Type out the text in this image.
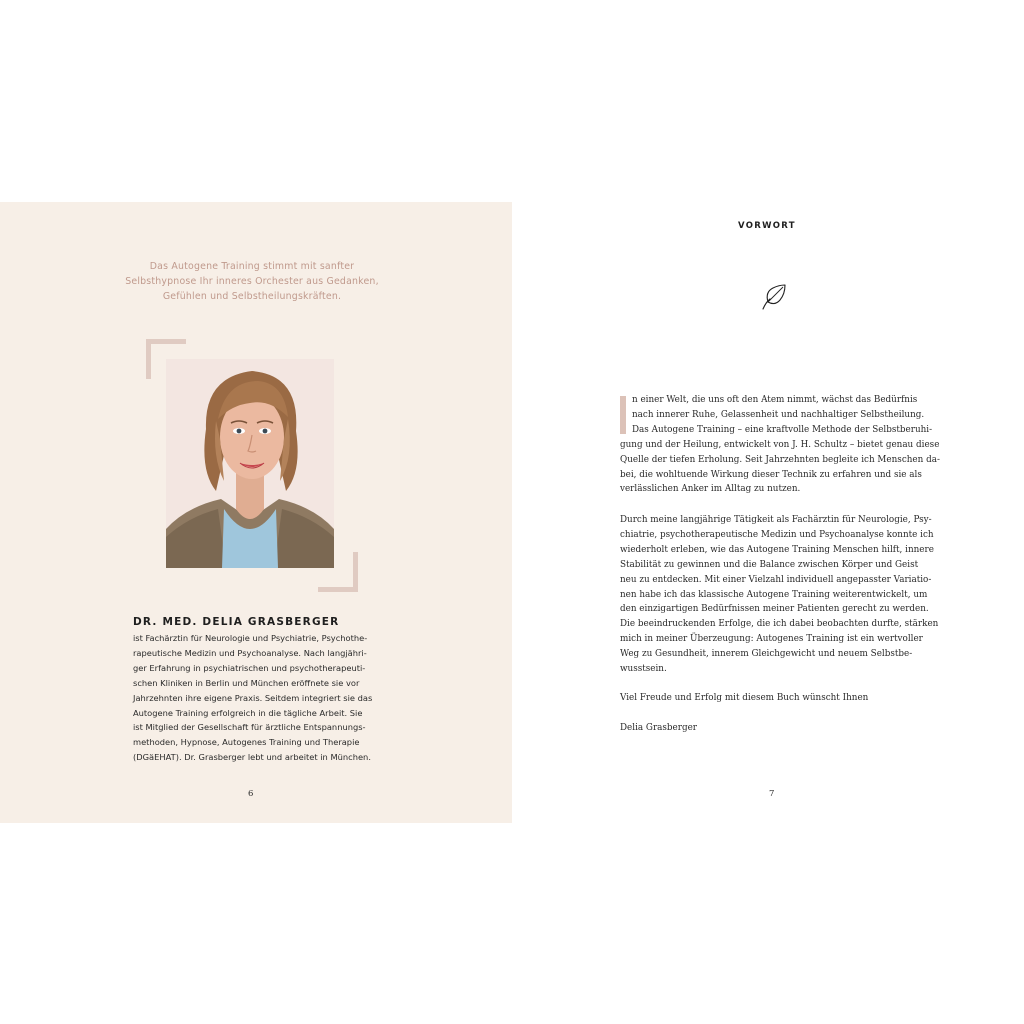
Das Autogene Training stimmt mit sanfter
Selbsthypnose Ihr inneres Orchester aus Gedanken,
Gefühlen und Selbstheilungskräften.

DR. MED. DELIA GRASBERGER

ist Fachärztin für Neurologie und Psychiatrie, Psychothe-
rapeutische Medizin und Psychoanalyse. Nach langjähri-
ger Erfahrung in psychiatrischen und psychotherapeuti-
schen Kliniken in Berlin und München eröffnete sie vor
Jahrzehnten ihre eigene Praxis. Seitdem integriert sie das
Autogene Training erfolgreich in die tägliche Arbeit. Sie
ist Mitglied der Gesellschaft für ärztliche Entspannungs-
methoden, Hypnose, Autogenes Training und Therapie
(DGäEHAT). Dr. Grasberger lebt und arbeitet in München.

6

VORWORT

n einer Welt, die uns oft den Atem nimmt, wächst das Bedürfnis
nach innerer Ruhe, Gelassenheit und nachhaltiger Selbstheilung.
Das Autogene Training – eine kraftvolle Methode der Selbstberuhi-
gung und der Heilung, entwickelt von J. H. Schultz – bietet genau diese
Quelle der tiefen Erholung. Seit Jahrzehnten begleite ich Menschen da-
bei, die wohltuende Wirkung dieser Technik zu erfahren und sie als
verlässlichen Anker im Alltag zu nutzen.

Durch meine langjährige Tätigkeit als Fachärztin für Neurologie, Psy-
chiatrie, psychotherapeutische Medizin und Psychoanalyse konnte ich
wiederholt erleben, wie das Autogene Training Menschen hilft, innere
Stabilität zu gewinnen und die Balance zwischen Körper und Geist
neu zu entdecken. Mit einer Vielzahl individuell angepasster Variatio-
nen habe ich das klassische Autogene Training weiterentwickelt, um
den einzigartigen Bedürfnissen meiner Patienten gerecht zu werden.
Die beeindruckenden Erfolge, die ich dabei beobachten durfte, stärken
mich in meiner Überzeugung: Autogenes Training ist ein wertvoller
Weg zu Gesundheit, innerem Gleichgewicht und neuem Selbstbe-
wusstsein.

Viel Freude und Erfolg mit diesem Buch wünscht Ihnen

Delia Grasberger

7
